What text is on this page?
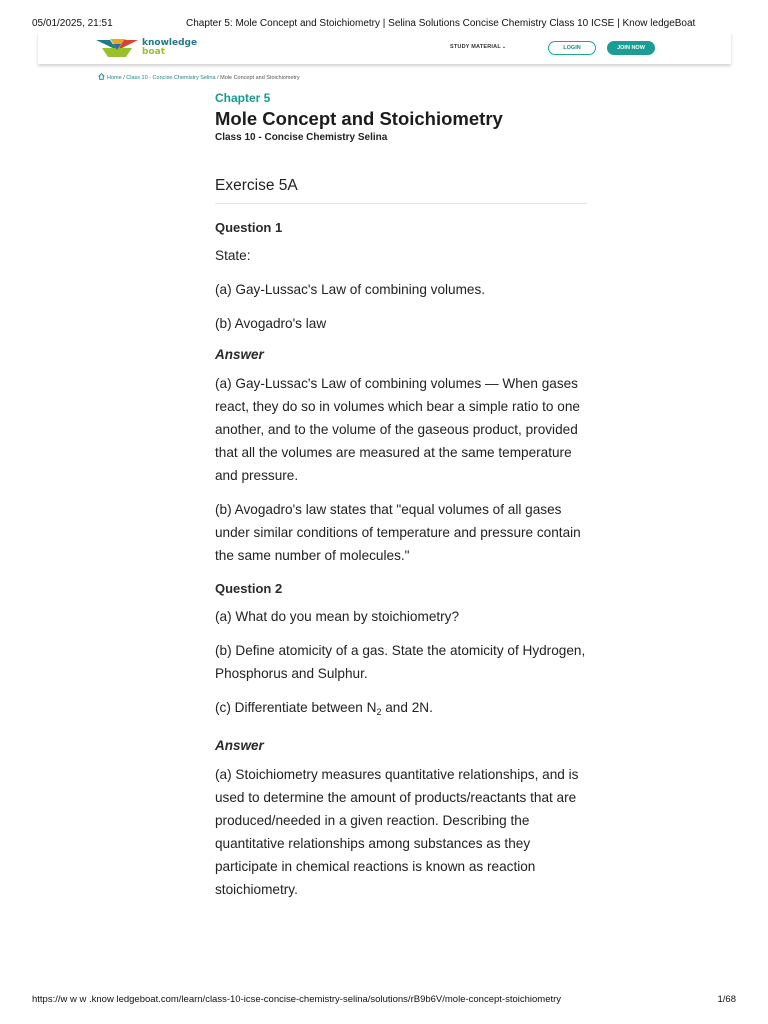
05/01/2025, 21:51	Chapter 5: Mole Concept and Stoichiometry | Selina Solutions Concise Chemistry Class 10 ICSE | Know ledgeBoat
knowledge
boat	STUDY MATERIAL⌄	LOGIN	JOIN NOW
Home / Class 10 - Concise Chemistry Selina / Mole Concept and Stoichiometry

Chapter 5

Mole Concept and Stoichiometry

Class 10 - Concise Chemistry Selina

Exercise 5A

Question 1

State:

(a) Gay-Lussac's Law of combining volumes.

(b) Avogadro's law

Answer

(a) Gay-Lussac's Law of combining volumes — When gases react, they do so in volumes which bear a simple ratio to one another, and to the volume of the gaseous product, provided that all the volumes are measured at the same temperature and pressure.

(b) Avogadro's law states that "equal volumes of all gases under similar conditions of temperature and pressure contain the same number of molecules."

Question 2

(a) What do you mean by stoichiometry?

(b) Define atomicity of a gas. State the atomicity of Hydrogen, Phosphorus and Sulphur.

(c) Differentiate between $N_2$ and 2N.

Answer

(a) Stoichiometry measures quantitative relationships, and is used to determine the amount of products/reactants that are produced/needed in a given reaction. Describing the quantitative relationships among substances as they participate in chemical reactions is known as reaction stoichiometry.

https://w w w .know ledgeboat.com/learn/class-10-icse-concise-chemistry-selina/solutions/rB9b6V/mole-concept-stoichiometry	1/68
